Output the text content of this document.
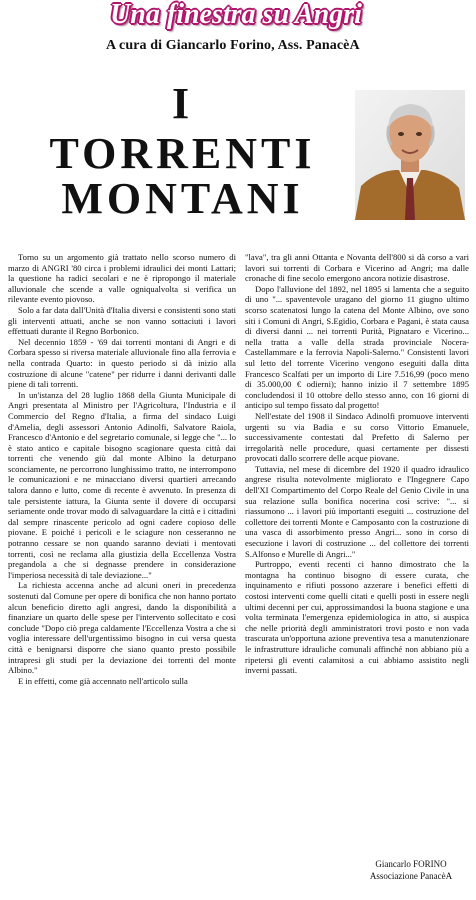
Una finestra su Angri
A cura di Giancarlo Forino, Ass. PanacèA
I
TORRENTI
MONTANI

Torno su un argomento già trattato nello scorso numero di marzo di ANGRI '80 circa i problemi idraulici dei monti Lattari; la questione ha radici secolari e ne è ripropongo il materiale alluvionale che scende a valle ogniqualvolta si verifica un rilevante evento piovoso.

Solo a far data dall'Unità d'Italia diversi e consistenti sono stati gli interventi attuati, anche se non vanno sottaciuti i lavori effettuati durante il Regno Borbonico.

Nel decennio 1859 - '69 dai torrenti montani di Angri e di Corbara spesso si riversa materiale alluvionale fino alla ferrovia e nella contrada Quarto: in questo periodo si dà inizio alla costruzione di alcune "catene" per ridurre i danni derivanti dalle piene di tali torrenti.

In un'istanza del 28 luglio 1868 della Giunta Municipale di Angri presentata al Ministro per l'Agricoltura, l'Industria e il Commercio del Regno d'Italia, a firma del sindaco Luigi d'Amelia, degli assessori Antonio Adinolfi, Salvatore Raiola, Francesco d'Antonio e del segretario comunale, si legge che "... lo è stato antico e capitale bisogno scagionare questa città dai torrenti che venendo giù dal monte Albino la deturpano sconciamente, ne percorrono lunghissimo tratto, ne interrompono le comunicazioni e ne minacciano diversi quartieri arrecando talora danno e lutto, come di recente è avvenuto. In presenza di tale persistente iattura, la Giunta sente il dovere di occuparsi seriamente onde trovar modo di salvaguardare la città e i cittadini dal sempre rinascente pericolo ad ogni cadere copioso delle piovane. E poiché i pericoli e le sciagure non cesseranno ne potranno cessare se non quando saranno deviati i mentovati torrenti, così ne reclama alla giustizia della Eccellenza Vostra pregandola a che si degnasse prendere in considerazione l'imperiosa necessità di tale deviazione..."

La richiesta accenna anche ad alcuni oneri in precedenza sostenuti dal Comune per opere di bonifica che non hanno portato alcun beneficio diretto agli angresi, dando la disponibilità a finanziare un quarto delle spese per l'intervento sollecitato e così conclude "Dopo ciò prega caldamente l'Eccellenza Vostra a che si voglia interessare dell'urgentissimo bisogno in cui versa questa città e benignarsi disporre che siano quanto presto possibile intrapresi gli studi per la deviazione dei torrenti del monte Albino."

E in effetti, come già accennato nell'articolo sulla

"lava", tra gli anni Ottanta e Novanta dell'800 si dà corso a vari lavori sui torrenti di Corbara e Vicerino ad Angri; ma dalle cronache di fine secolo emergono ancora notizie disastrose.

Dopo l'alluvione del 1892, nel 1895 si lamenta che a seguito di uno "... spaventevole uragano del giorno 11 giugno ultimo scorso scatenatosi lungo la catena del Monte Albino, ove sono siti i Comuni di Angri, S.Egidio, Corbara e Pagani, è stata causa di diversi danni ... nei torrenti Purità, Pignataro e Vicerino... nella tratta a valle della strada provinciale Nocera-Castellammare e la ferrovia Napoli-Salerno." Consistenti lavori sul letto del torrente Vicerino vengono eseguiti dalla ditta Francesco Scalfati per un importo di Lire 7.516,99 (poco meno di 35.000,00 € odierni); hanno inizio il 7 settembre 1895 concludendosi il 10 ottobre dello stesso anno, con 16 giorni di anticipo sul tempo fissato dal progetto!

Nell'estate del 1908 il Sindaco Adinolfi promuove interventi urgenti su via Badia e su corso Vittorio Emanuele, successivamente contestati dal Prefetto di Salerno per irregolarità nelle procedure, quasi certamente per dissesti provocati dallo scorrere delle acque piovane.

Tuttavia, nel mese di dicembre del 1920 il quadro idraulico angrese risulta notevolmente migliorato e l'Ingegnere Capo dell'XI Compartimento del Corpo Reale del Genio Civile in una sua relazione sulla bonifica nocerina così scrive: "... si riassumono ... i lavori più importanti eseguiti ... costruzione del collettore dei torrenti Monte e Camposanto con la costruzione di una vasca di assorbimento presso Angri... sono in corso di esecuzione i lavori di costruzione ... del collettore dei torrenti S.Alfonso e Murelle di Angri..."

Purtroppo, eventi recenti ci hanno dimostrato che la montagna ha continuo bisogno di essere curata, che inquinamento e rifiuti possono azzerare i benefici effetti di costosi interventi come quelli citati e quelli posti in essere negli ultimi decenni per cui, approssimandosi la buona stagione e una volta terminata l'emergenza epidemiologica in atto, si auspica che nelle priorità degli amministratori trovi posto e non vada trascurata un'opportuna azione preventiva tesa a manutenzionare le infrastrutture idrauliche comunali affinché non abbiano più a ripetersi gli eventi calamitosi a cui abbiamo assistito negli inverni passati.

Giancarlo FORINO
Associazione PanacèA
